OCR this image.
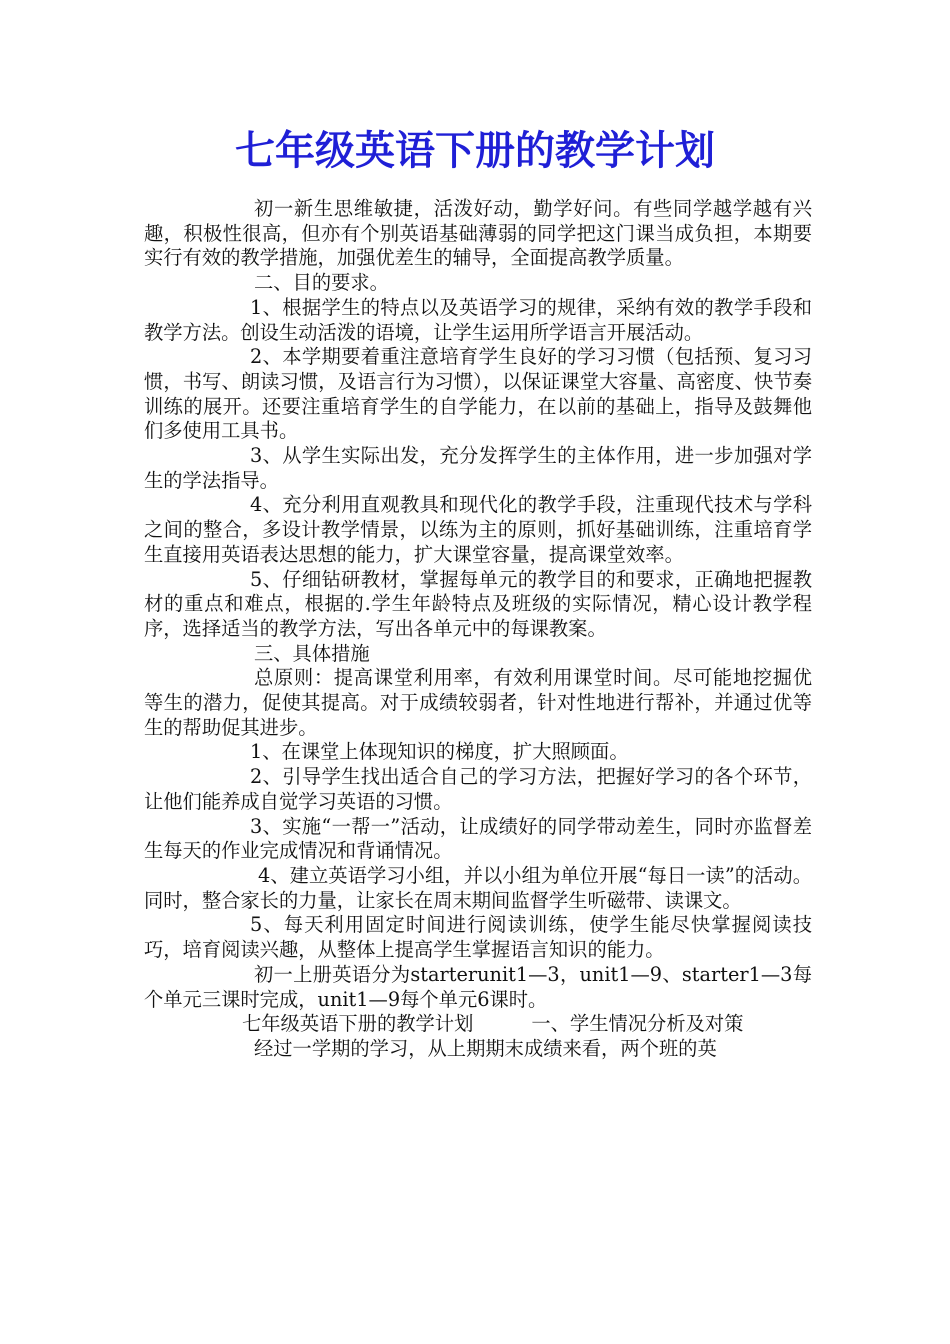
七年级英语下册的教学计划

初一新生思维敏捷，活泼好动，勤学好问。有些同学越学越有兴趣，积极性很高，但亦有个别英语基础薄弱的同学把这门课当成负担，本期要实行有效的教学措施，加强优差生的辅导，全面提高教学质量。

二、目的要求。

1、根据学生的特点以及英语学习的规律，采纳有效的教学手段和教学方法。创设生动活泼的语境，让学生运用所学语言开展活动。

2、本学期要着重注意培育学生良好的学习习惯（包括预、复习习惯，书写、朗读习惯，及语言行为习惯），以保证课堂大容量、高密度、快节奏训练的展开。还要注重培育学生的自学能力，在以前的基础上，指导及鼓舞他们多使用工具书。

3、从学生实际出发，充分发挥学生的主体作用，进一步加强对学生的学法指导。

4、充分利用直观教具和现代化的教学手段，注重现代技术与学科之间的整合，多设计教学情景，以练为主的原则，抓好基础训练，注重培育学生直接用英语表达思想的能力，扩大课堂容量，提高课堂效率。

5、仔细钻研教材，掌握每单元的教学目的和要求，正确地把握教材的重点和难点，根据的.学生年龄特点及班级的实际情况，精心设计教学程序，选择适当的教学方法，写出各单元中的每课教案。

三、具体措施

总原则：提高课堂利用率，有效利用课堂时间。尽可能地挖掘优等生的潜力，促使其提高。对于成绩较弱者，针对性地进行帮补，并通过优等生的帮助促其进步。

1、在课堂上体现知识的梯度，扩大照顾面。

2、引导学生找出适合自己的学习方法，把握好学习的各个环节，让他们能养成自觉学习英语的习惯。

3、实施“一帮一”活动，让成绩好的同学带动差生，同时亦监督差生每天的作业完成情况和背诵情况。

4、建立英语学习小组，并以小组为单位开展“每日一读”的活动。同时，整合家长的力量，让家长在周末期间监督学生听磁带、读课文。

5、每天利用固定时间进行阅读训练，使学生能尽快掌握阅读技巧，培育阅读兴趣，从整体上提高学生掌握语言知识的能力。

初一上册英语分为starterunit1—3，unit1—9、starter1—3每个单元三课时完成，unit1—9每个单元6课时。

七年级英语下册的教学计划	一、学生情况分析及对策

经过一学期的学习，从上期期末成绩来看，两个班的英
